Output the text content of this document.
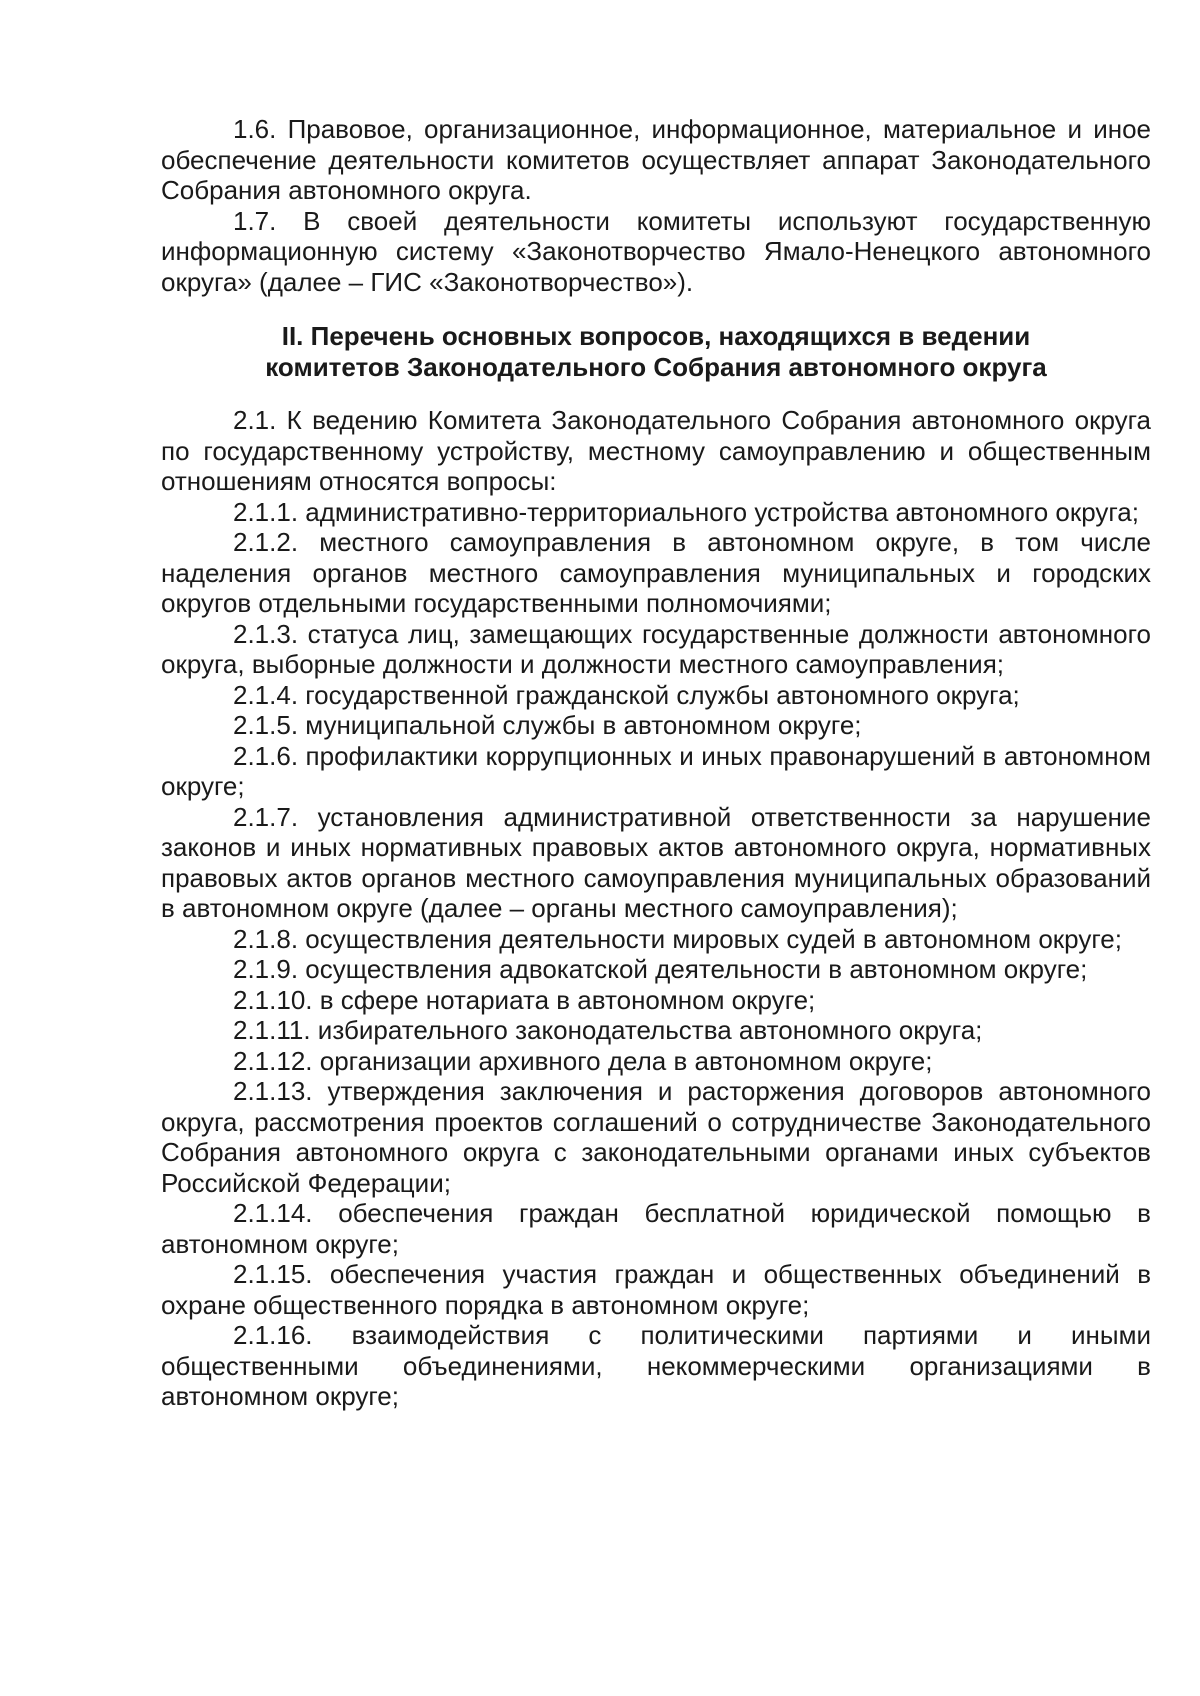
1.6. Правовое, организационное, информационное, материальное и иное обеспечение деятельности комитетов осуществляет аппарат Законодательного Собрания автономного округа.

1.7. В своей деятельности комитеты используют государственную информационную систему «Законотворчество Ямало-Ненецкого автономного округа» (далее – ГИС «Законотворчество»).

II. Перечень основных вопросов, находящихся в ведении
комитетов Законодательного Собрания автономного округа

2.1. К ведению Комитета Законодательного Собрания автономного округа по государственному устройству, местному самоуправлению и общественным отношениям относятся вопросы:

2.1.1. административно-территориального устройства автономного округа;

2.1.2. местного самоуправления в автономном округе, в том числе наделения органов местного самоуправления муниципальных и городских округов отдельными государственными полномочиями;

2.1.3. статуса лиц, замещающих государственные должности автономного округа, выборные должности и должности местного самоуправления;

2.1.4. государственной гражданской службы автономного округа;

2.1.5. муниципальной службы в автономном округе;

2.1.6. профилактики коррупционных и иных правонарушений в автономном округе;

2.1.7. установления административной ответственности за нарушение законов и иных нормативных правовых актов автономного округа, нормативных правовых актов органов местного самоуправления муниципальных образований в автономном округе (далее – органы местного самоуправления);

2.1.8. осуществления деятельности мировых судей в автономном округе;

2.1.9. осуществления адвокатской деятельности в автономном округе;

2.1.10. в сфере нотариата в автономном округе;

2.1.11. избирательного законодательства автономного округа;

2.1.12. организации архивного дела в автономном округе;

2.1.13. утверждения заключения и расторжения договоров автономного округа, рассмотрения проектов соглашений о сотрудничестве Законодательного Собрания автономного округа с законодательными органами иных субъектов Российской Федерации;

2.1.14. обеспечения граждан бесплатной юридической помощью в автономном округе;

2.1.15. обеспечения участия граждан и общественных объединений в охране общественного порядка в автономном округе;

2.1.16. взаимодействия с политическими партиями и иными общественными объединениями, некоммерческими организациями в автономном округе;
